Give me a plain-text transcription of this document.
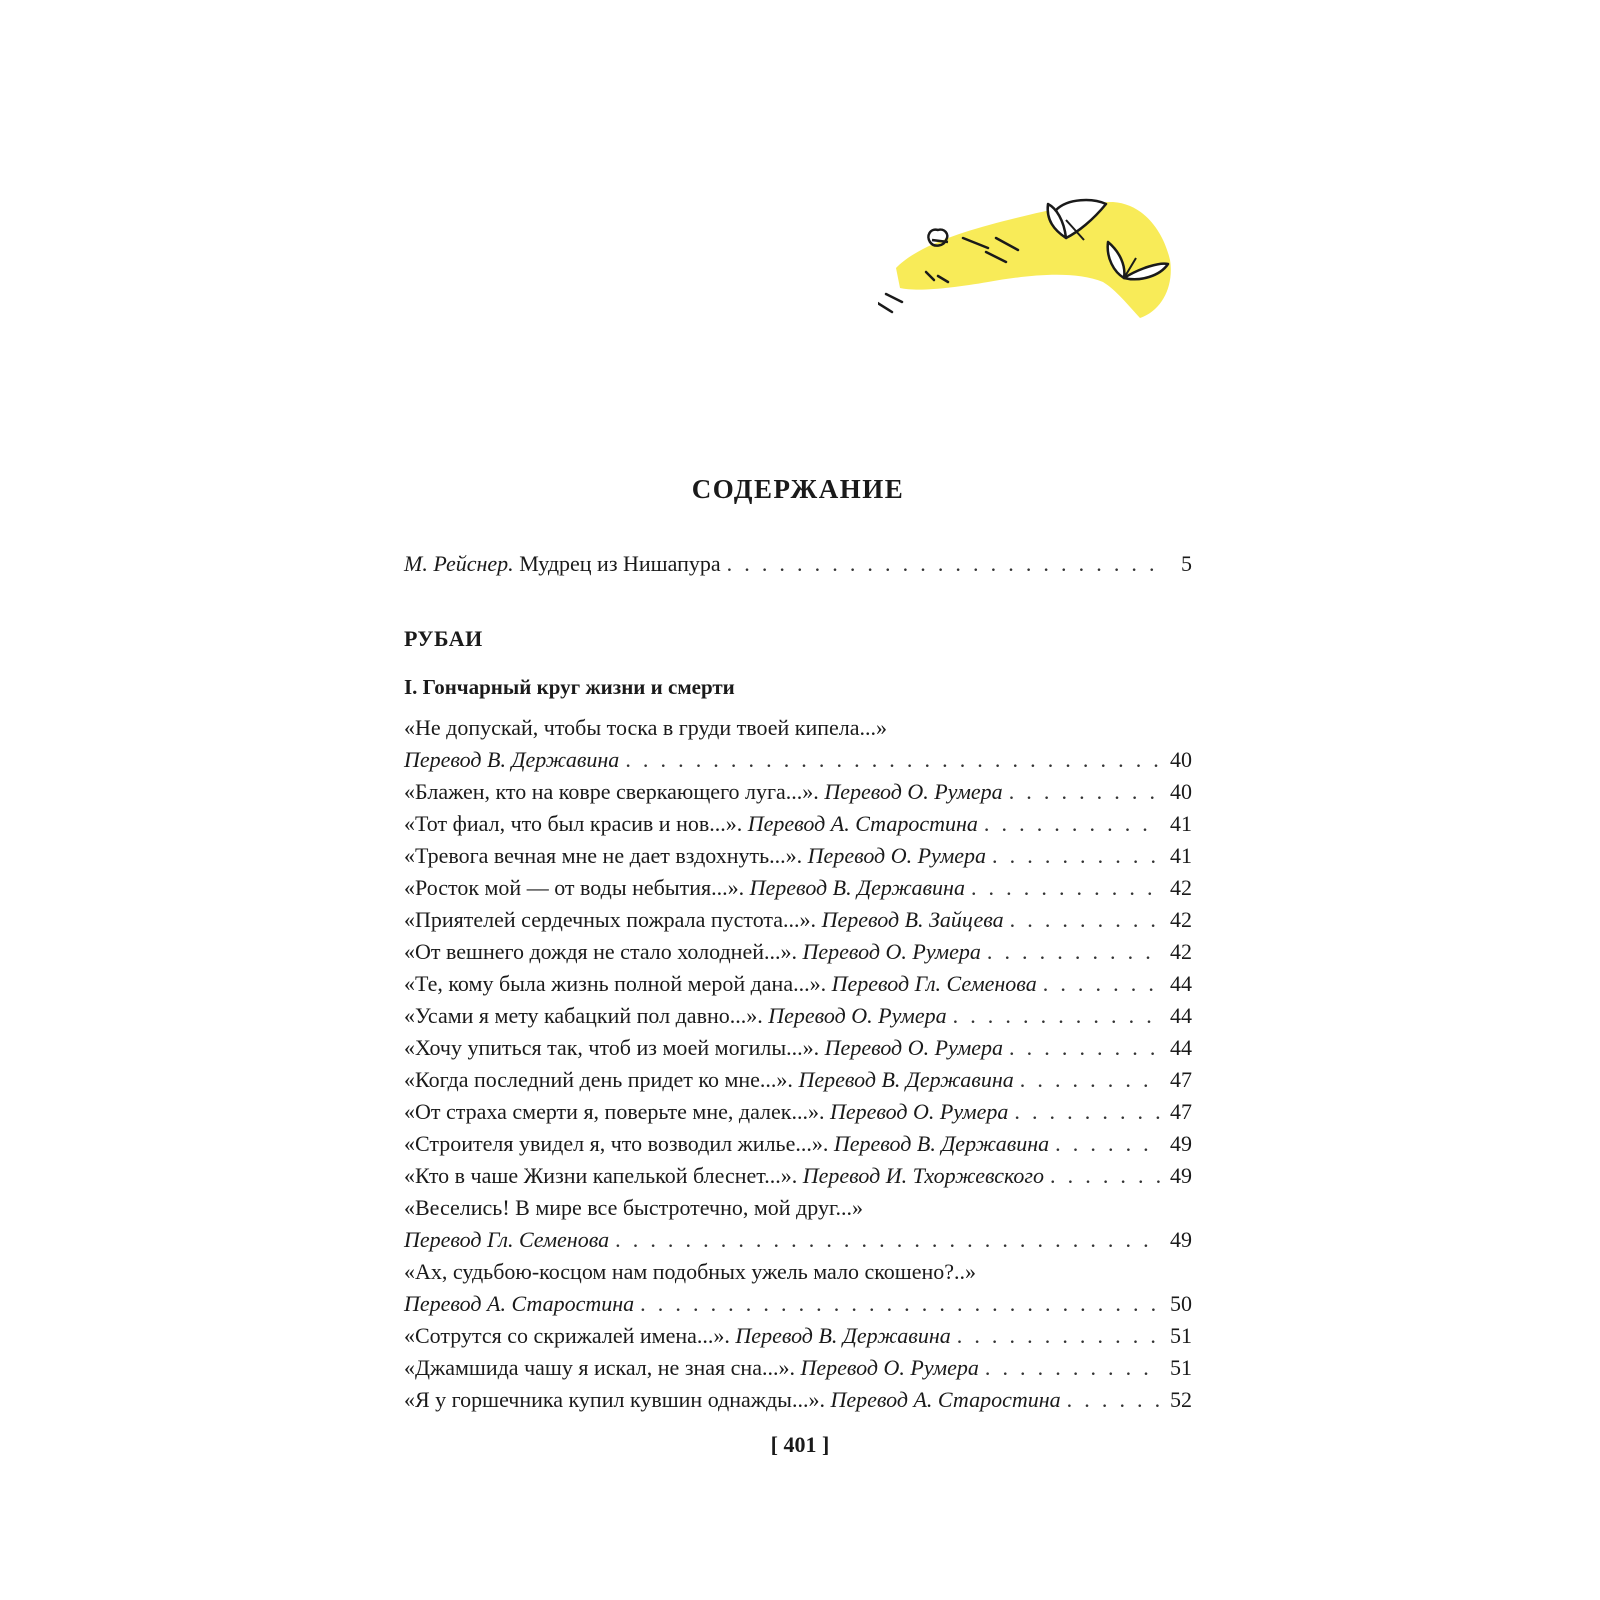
СОДЕРЖАНИЕ
М. Рейснер. Мудрец из Нишапура . . .	5
РУБАИ
I. Гончарный круг жизни и смерти
«Не допускай, чтобы тоска в груди твоей кипела...»
Перевод В. Державина . . .	40
«Блажен, кто на ковре сверкающего луга...». Перевод О. Румера . . .	40
«Тот фиал, что был красив и нов...». Перевод А. Старостина . . .	41
«Тревога вечная мне не дает вздохнуть...». Перевод О. Румера . . .	41
«Росток мой — от воды небытия...». Перевод В. Державина . . .	42
«Приятелей сердечных пожрала пустота...». Перевод В. Зайцева . . .	42
«От вешнего дождя не стало холодней...». Перевод О. Румера . . .	42
«Те, кому была жизнь полной мерой дана...». Перевод Гл. Семенова . . .	44
«Усами я мету кабацкий пол давно...». Перевод О. Румера . . .	44
«Хочу упиться так, чтоб из моей могилы...». Перевод О. Румера . . .	44
«Когда последний день придет ко мне...». Перевод В. Державина . . .	47
«От страха смерти я, поверьте мне, далек...». Перевод О. Румера . . .	47
«Строителя увидел я, что возводил жилье...». Перевод В. Державина . . .	49
«Кто в чаше Жизни капелькой блеснет...». Перевод И. Тхоржевского . . .	49
«Веселись! В мире все быстротечно, мой друг...»
Перевод Гл. Семенова . . .	49
«Ах, судьбою-косцом нам подобных ужель мало скошено?..»
Перевод А. Старостина . . .	50
«Сотрутся со скрижалей имена...». Перевод В. Державина . . .	51
«Джамшида чашу я искал, не зная сна...». Перевод О. Румера . . .	51
«Я у горшечника купил кувшин однажды...». Перевод А. Старостина . . .	52
[ 401 ]
